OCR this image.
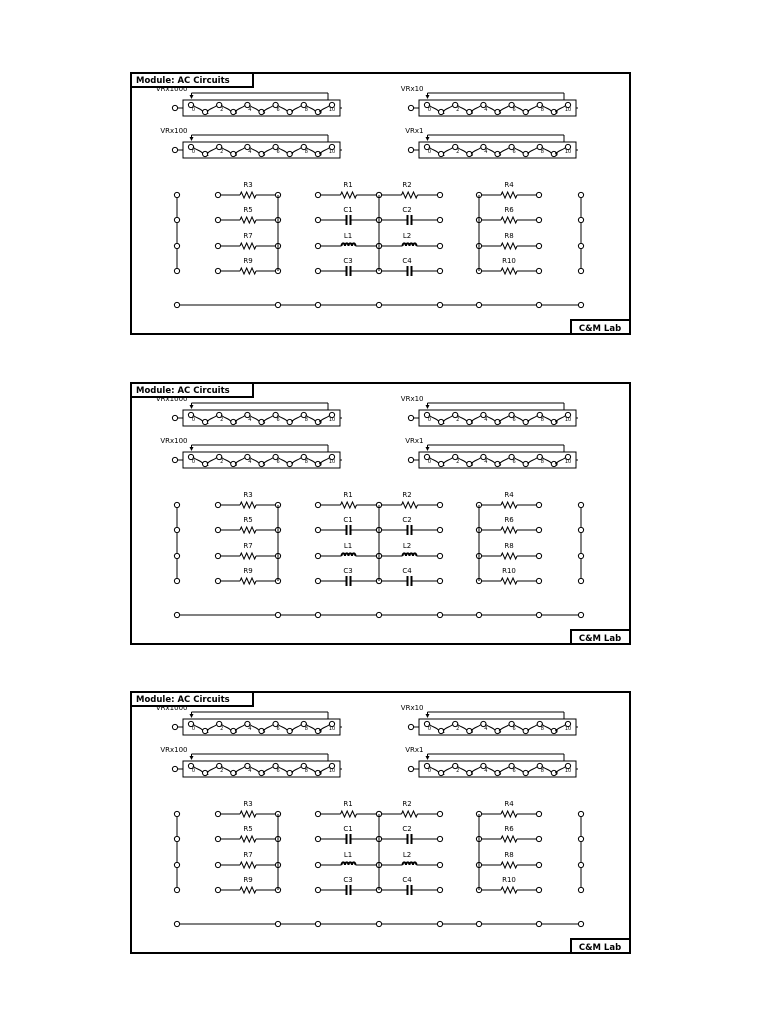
Module: AC Circuits
C&M Lab
VRx1000
0 1 2 3 4 5 6 7 8 9 10
VRx10
0 1 2 3 4 5 6 7 8 9 10
VRx100
0 1 2 3 4 5 6 7 8 9 10
VRx1
0 1 2 3 4 5 6 7 8 9 10
R3
R5
R7
R9
R1	R2
C1	C2
L1	L2
C3	C4
R4
R6
R8
R10
Module: AC Circuits
C&M Lab
VRx1000
0 1 2 3 4 5 6 7 8 9 10
VRx10
0 1 2 3 4 5 6 7 8 9 10
VRx100
0 1 2 3 4 5 6 7 8 9 10
VRx1
0 1 2 3 4 5 6 7 8 9 10
R3
R5
R7
R9
R1	R2
C1	C2
L1	L2
C3	C4
R4
R6
R8
R10
Module: AC Circuits
C&M Lab
VRx1000
0 1 2 3 4 5 6 7 8 9 10
VRx10
0 1 2 3 4 5 6 7 8 9 10
VRx100
0 1 2 3 4 5 6 7 8 9 10
VRx1
0 1 2 3 4 5 6 7 8 9 10
R3
R5
R7
R9
R1	R2
C1	C2
L1	L2
C3	C4
R4
R6
R8
R10
